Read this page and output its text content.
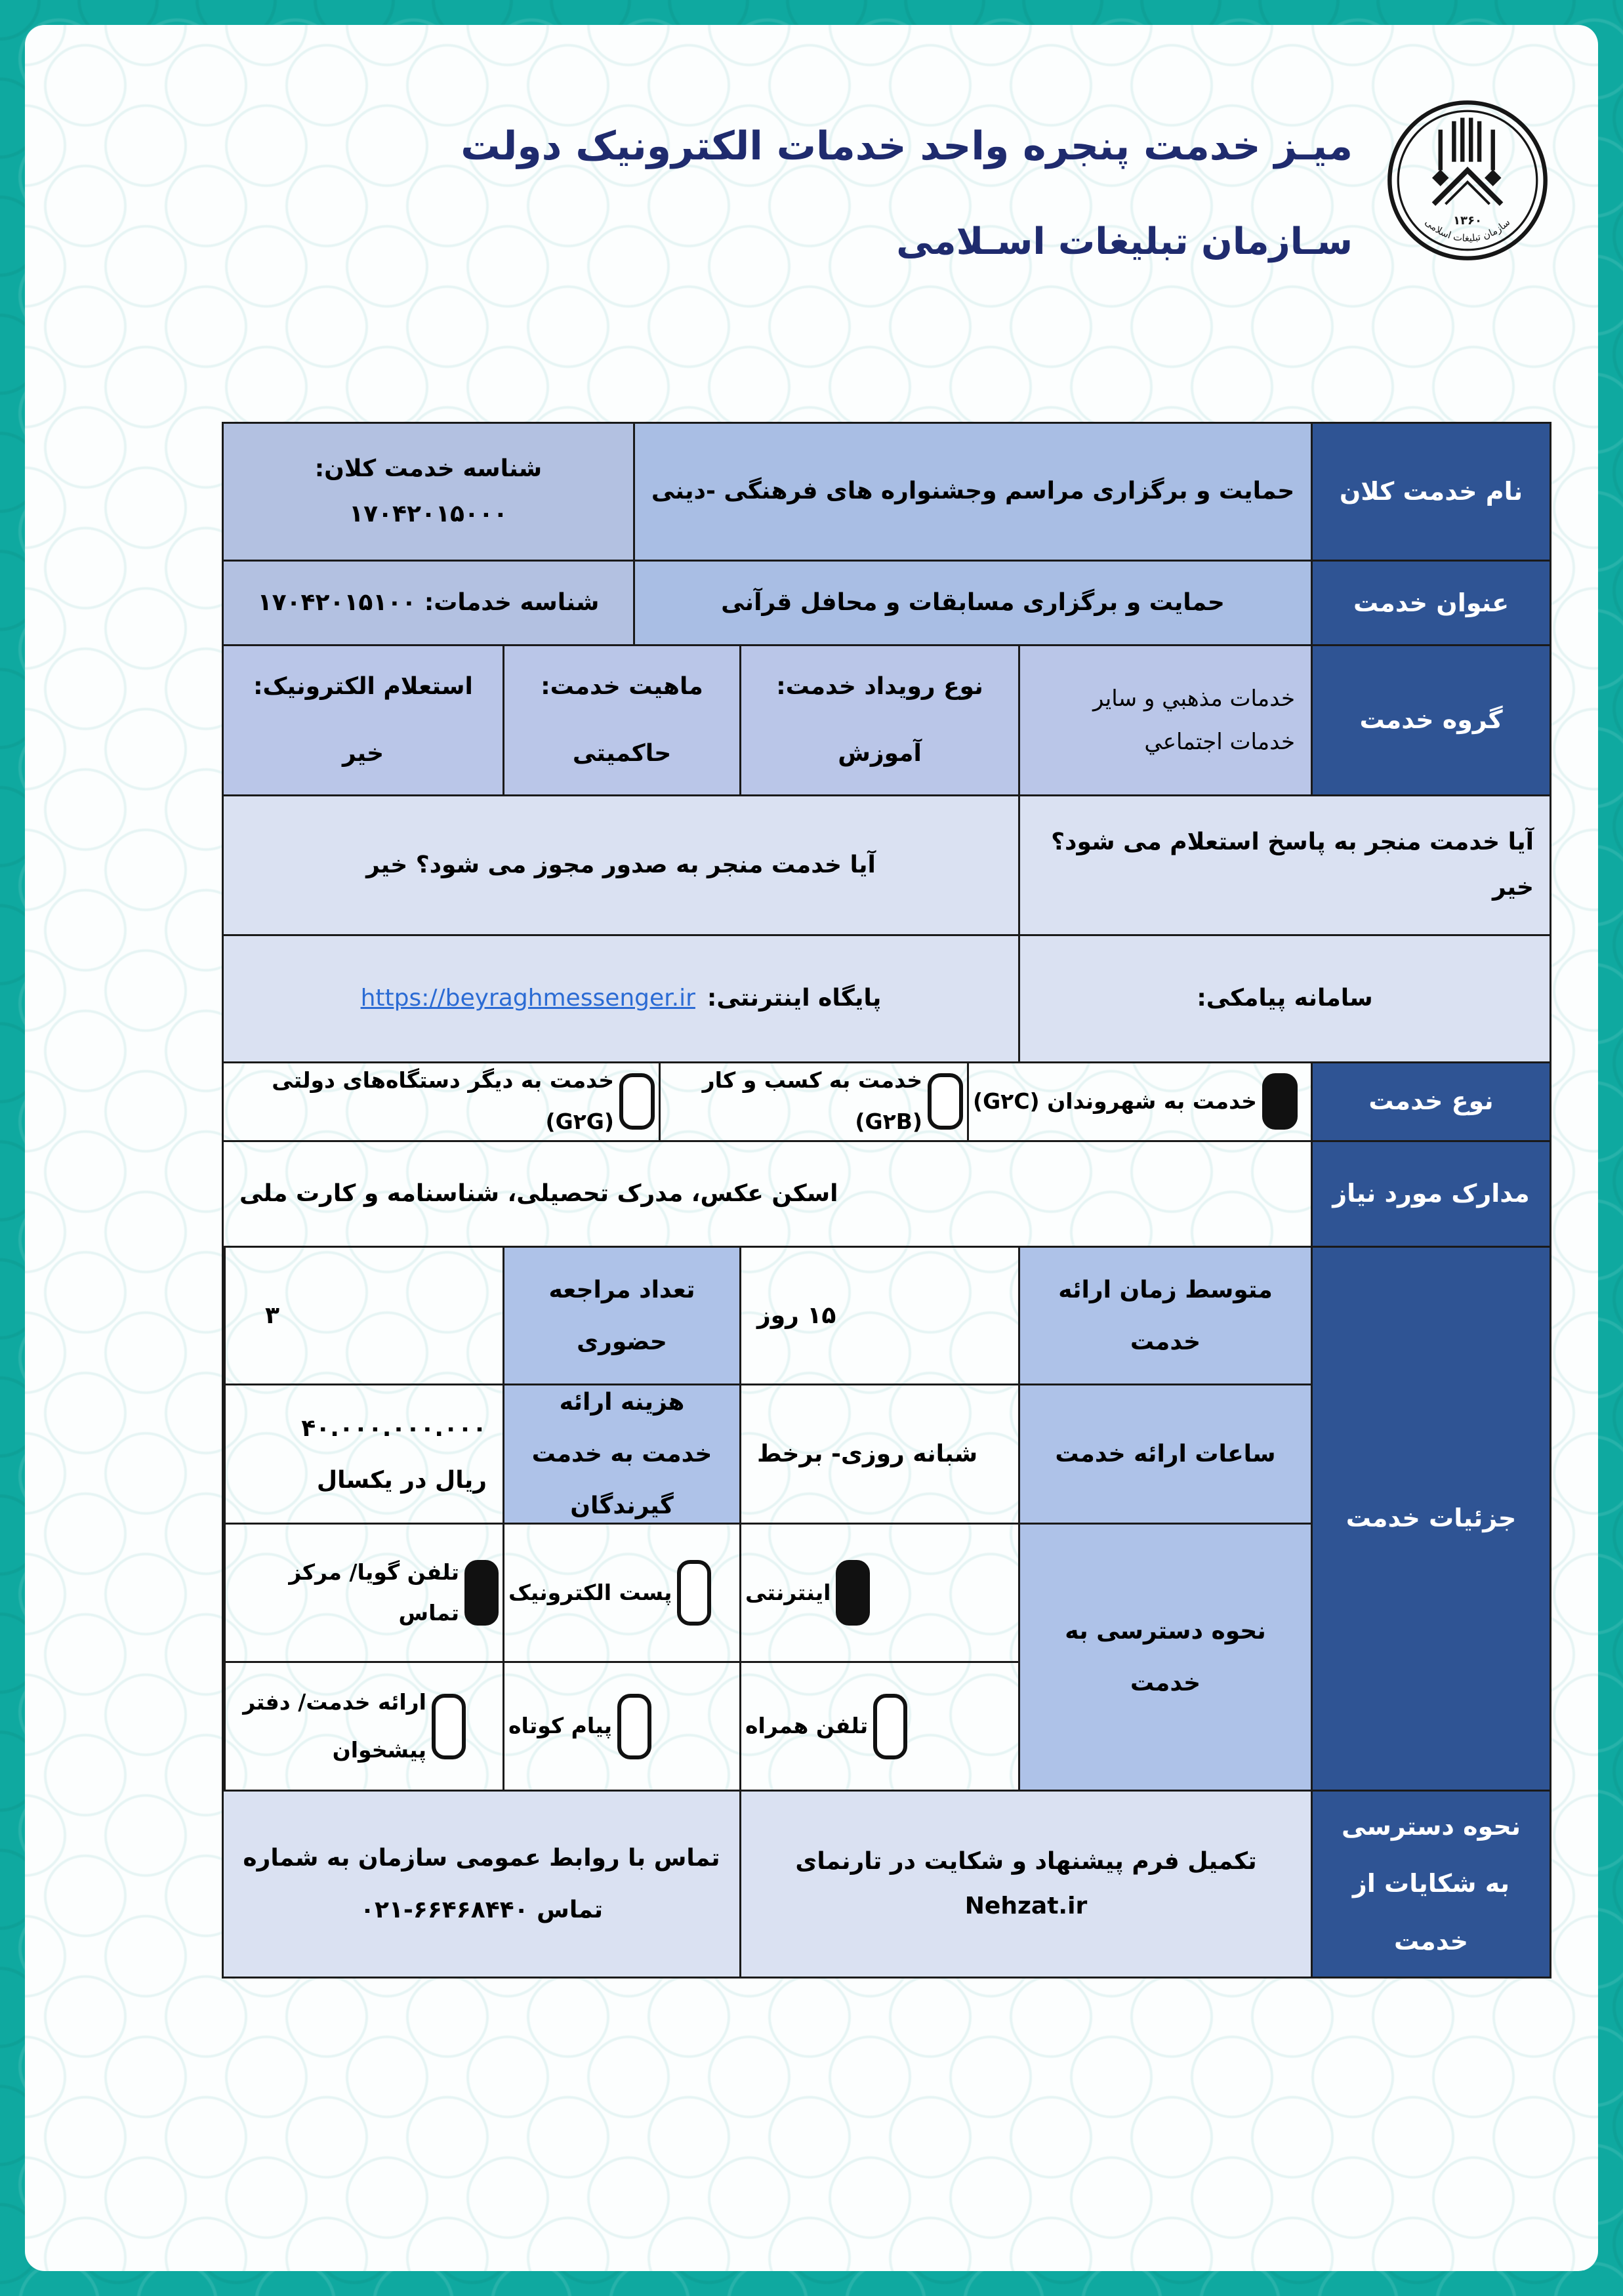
میـز خدمت پنجره واحد خدمات الکترونیک دولت
سـازمان تبلیغات اسـلامی	۱۳۶۰
سازمان تبلیغات اسلامی
نام خدمت کلان
حمایت و برگزاری مراسم وجشنواره های فرهنگی -دینی
شناسه خدمت کلان: ۱۷۰۴۲۰۱۵۰۰۰
عنوان خدمت
حمایت و برگزاری مسابقات و محافل قرآنی
شناسه خدمات: ۱۷۰۴۲۰۱۵۱۰۰
گروه خدمت
خدمات مذهبي و ساير خدمات اجتماعي
نوع رویداد خدمت:
آموزش
ماهیت خدمت:
حاکمیتی
استعلام الکترونیک:
خیر
آیا خدمت منجر به پاسخ استعلام می شود؟ خیر
آیا خدمت منجر به صدور مجوز می شود؟ خیر
سامانه پیامکی:
پایگاه اینترنتی:
https://beyraghmessenger.ir
نوع خدمت
خدمت به شهروندان (G۲C)
خدمت به کسب و کار (G۲B)
خدمت به دیگر دستگاه‌های دولتی (G۲G)
مدارک مورد نیاز
اسکن عکس، مدرک تحصیلی، شناسنامه و کارت ملی
جزئیات خدمت
متوسط زمان ارائه خدمت
۱۵ روز
تعداد مراجعه حضوری
۳
ساعات ارائه خدمت
شبانه روزی- برخط
هزینه ارائه خدمت به خدمت گیرندگان
۴۰.۰۰۰.۰۰۰.۰۰۰ ریال در یکسال
نحوه دسترسی به خدمت
اینترنتی
پست الکترونیک
تلفن گویا/ مرکز تماس
تلفن همراه
پیام کوتاه
ارائه خدمت/ دفتر پیشخوان
نحوه دسترسی به شکایات از خدمت
تکمیل فرم پیشنهاد و شکایت در تارنمای Nehzat.ir
تماس با روابط عمومی سازمان به شماره تماس ۶۶۴۶۸۴۴۰-۰۲۱
